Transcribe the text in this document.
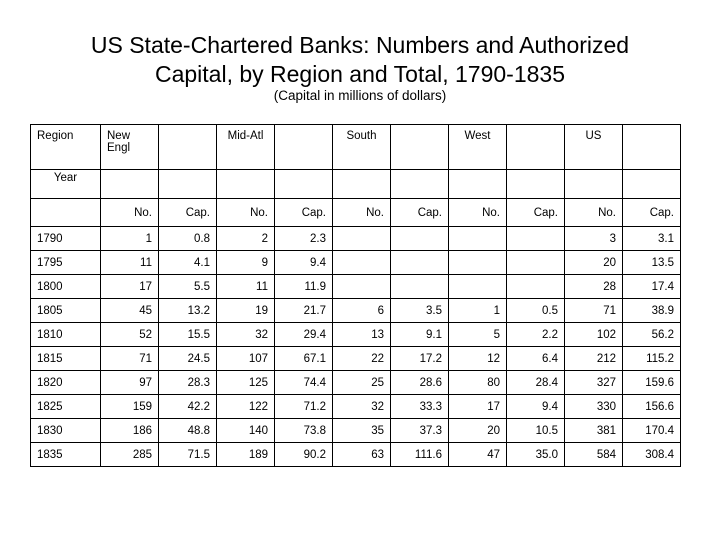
US State-Chartered Banks: Numbers and Authorized
Capital, by Region and Total, 1790-1835
(Capital in millions of dollars)
Region	New
Engl		Mid-Atl		South		West		US	
Year										
	No.	Cap.	No.	Cap.	No.	Cap.	No.	Cap.	No.	Cap.
1790	1	0.8	2	2.3					3	3.1
1795	11	4.1	9	9.4					20	13.5
1800	17	5.5	11	11.9					28	17.4
1805	45	13.2	19	21.7	6	3.5	1	0.5	71	38.9
1810	52	15.5	32	29.4	13	9.1	5	2.2	102	56.2
1815	71	24.5	107	67.1	22	17.2	12	6.4	212	115.2
1820	97	28.3	125	74.4	25	28.6	80	28.4	327	159.6
1825	159	42.2	122	71.2	32	33.3	17	9.4	330	156.6
1830	186	48.8	140	73.8	35	37.3	20	10.5	381	170.4
1835	285	71.5	189	90.2	63	111.6	47	35.0	584	308.4
